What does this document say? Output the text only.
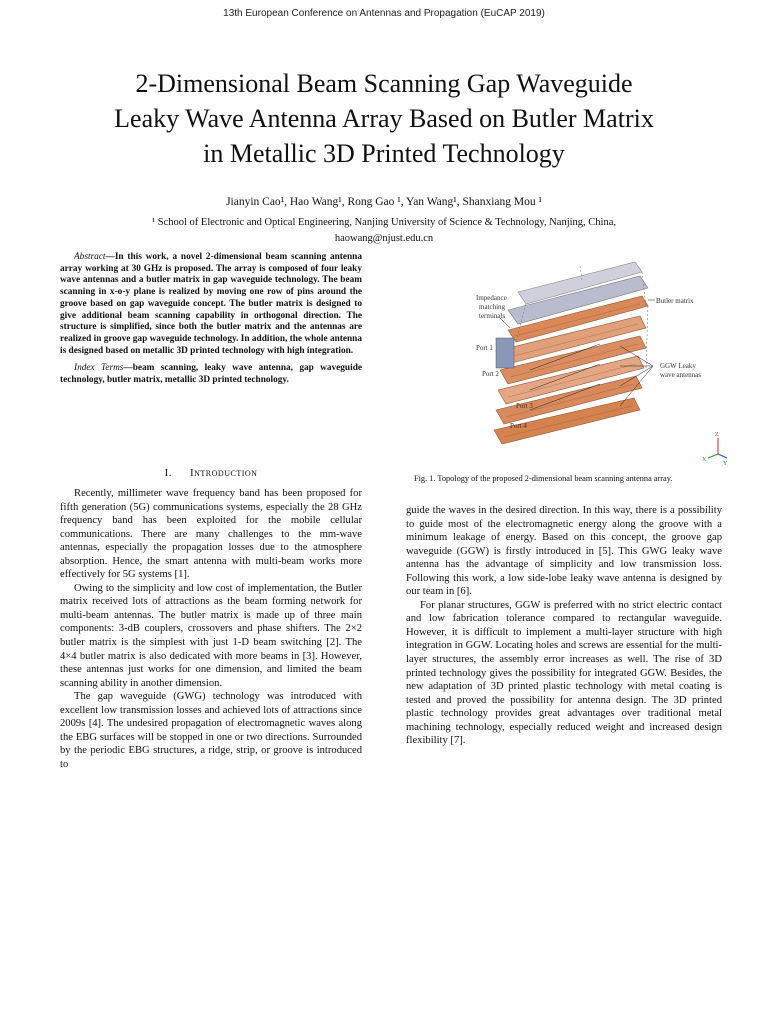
13th European Conference on Antennas and Propagation (EuCAP 2019)
2-Dimensional Beam Scanning Gap Waveguide
Leaky Wave Antenna Array Based on Butler Matrix
in Metallic 3D Printed Technology
Jianyin Cao¹, Hao Wang¹, Rong Gao ¹, Yan Wang¹, Shanxiang Mou ¹
¹ School of Electronic and Optical Engineering, Nanjing University of Science & Technology, Nanjing, China,
haowang@njust.edu.cn

Abstract—In this work, a novel 2-dimensional beam scanning antenna array working at 30 GHz is proposed. The array is composed of four leaky wave antennas and a butler matrix in gap waveguide technology. The beam scanning in x-o-y plane is realized by moving one row of pins around the groove based on gap waveguide concept. The butler matrix is designed to give additional beam scanning capability in orthogonal direction. The structure is simplified, since both the butler matrix and the antennas are realized in groove gap waveguide technology. In addition, the whole antenna is designed based on metallic 3D printed technology with high integration.

Index Terms—beam scanning, leaky wave antenna, gap waveguide technology, butler matrix, metallic 3D printed technology.

I. Introduction

Recently, millimeter wave frequency band has been proposed for fifth generation (5G) communications systems, especially the 28 GHz frequency band has been exploited for the mobile cellular communications. There are many challenges to the mm-wave antennas, especially the propagation losses due to the atmosphere absorption. Hence, the smart antenna with multi-beam works more effectively for 5G systems [1].

Owing to the simplicity and low cost of implementation, the Butler matrix received lots of attractions as the beam forming network for multi-beam antennas. The butler matrix is made up of three main components: 3-dB couplers, crossovers and phase shifters. The 2×2 butler matrix is the simplest with just 1-D beam switching [2]. The 4×4 butler matrix is also dedicated with more beams in [3]. However, these antennas just works for one dimension, and limited the beam scanning ability in another dimension.

The gap waveguide (GWG) technology was introduced with excellent low transmission losses and achieved lots of attractions since 2009s [4]. The undesired propagation of electromagnetic waves along the EBG surfaces will be stopped in one or two directions. Surrounded by the periodic EBG structures, a ridge, strip, or groove is introduced to

Impedance
matching
terminals
Butler matrix
GGW Leaky
wave antennas
Port 1
Port 2
Port 3
Port 4
Z
X
Y
Fig. 1. Topology of the proposed 2-dimensional beam scanning antenna array.

guide the waves in the desired direction. In this way, there is a possibility to guide most of the electromagnetic energy along the groove with a minimum leakage of energy. Based on this concept, the groove gap waveguide (GGW) is firstly introduced in [5]. This GWG leaky wave antenna has the advantage of simplicity and low transmission loss. Following this work, a low side-lobe leaky wave antenna is designed by our team in [6].

For planar structures, GGW is preferred with no strict electric contact and low fabrication tolerance compared to rectangular waveguide. However, it is difficult to implement a multi-layer structure with high integration in GGW. Locating holes and screws are essential for the multi-layer structures, the assembly error increases as well. The rise of 3D printed technology gives the possibility for integrated GGW. Besides, the new adaptation of 3D printed plastic technology with metal coating is tested and proved the possibility for antenna design. The 3D printed plastic technology provides great advantages over traditional metal machining technology, especially reduced weight and increased design flexibility [7].
